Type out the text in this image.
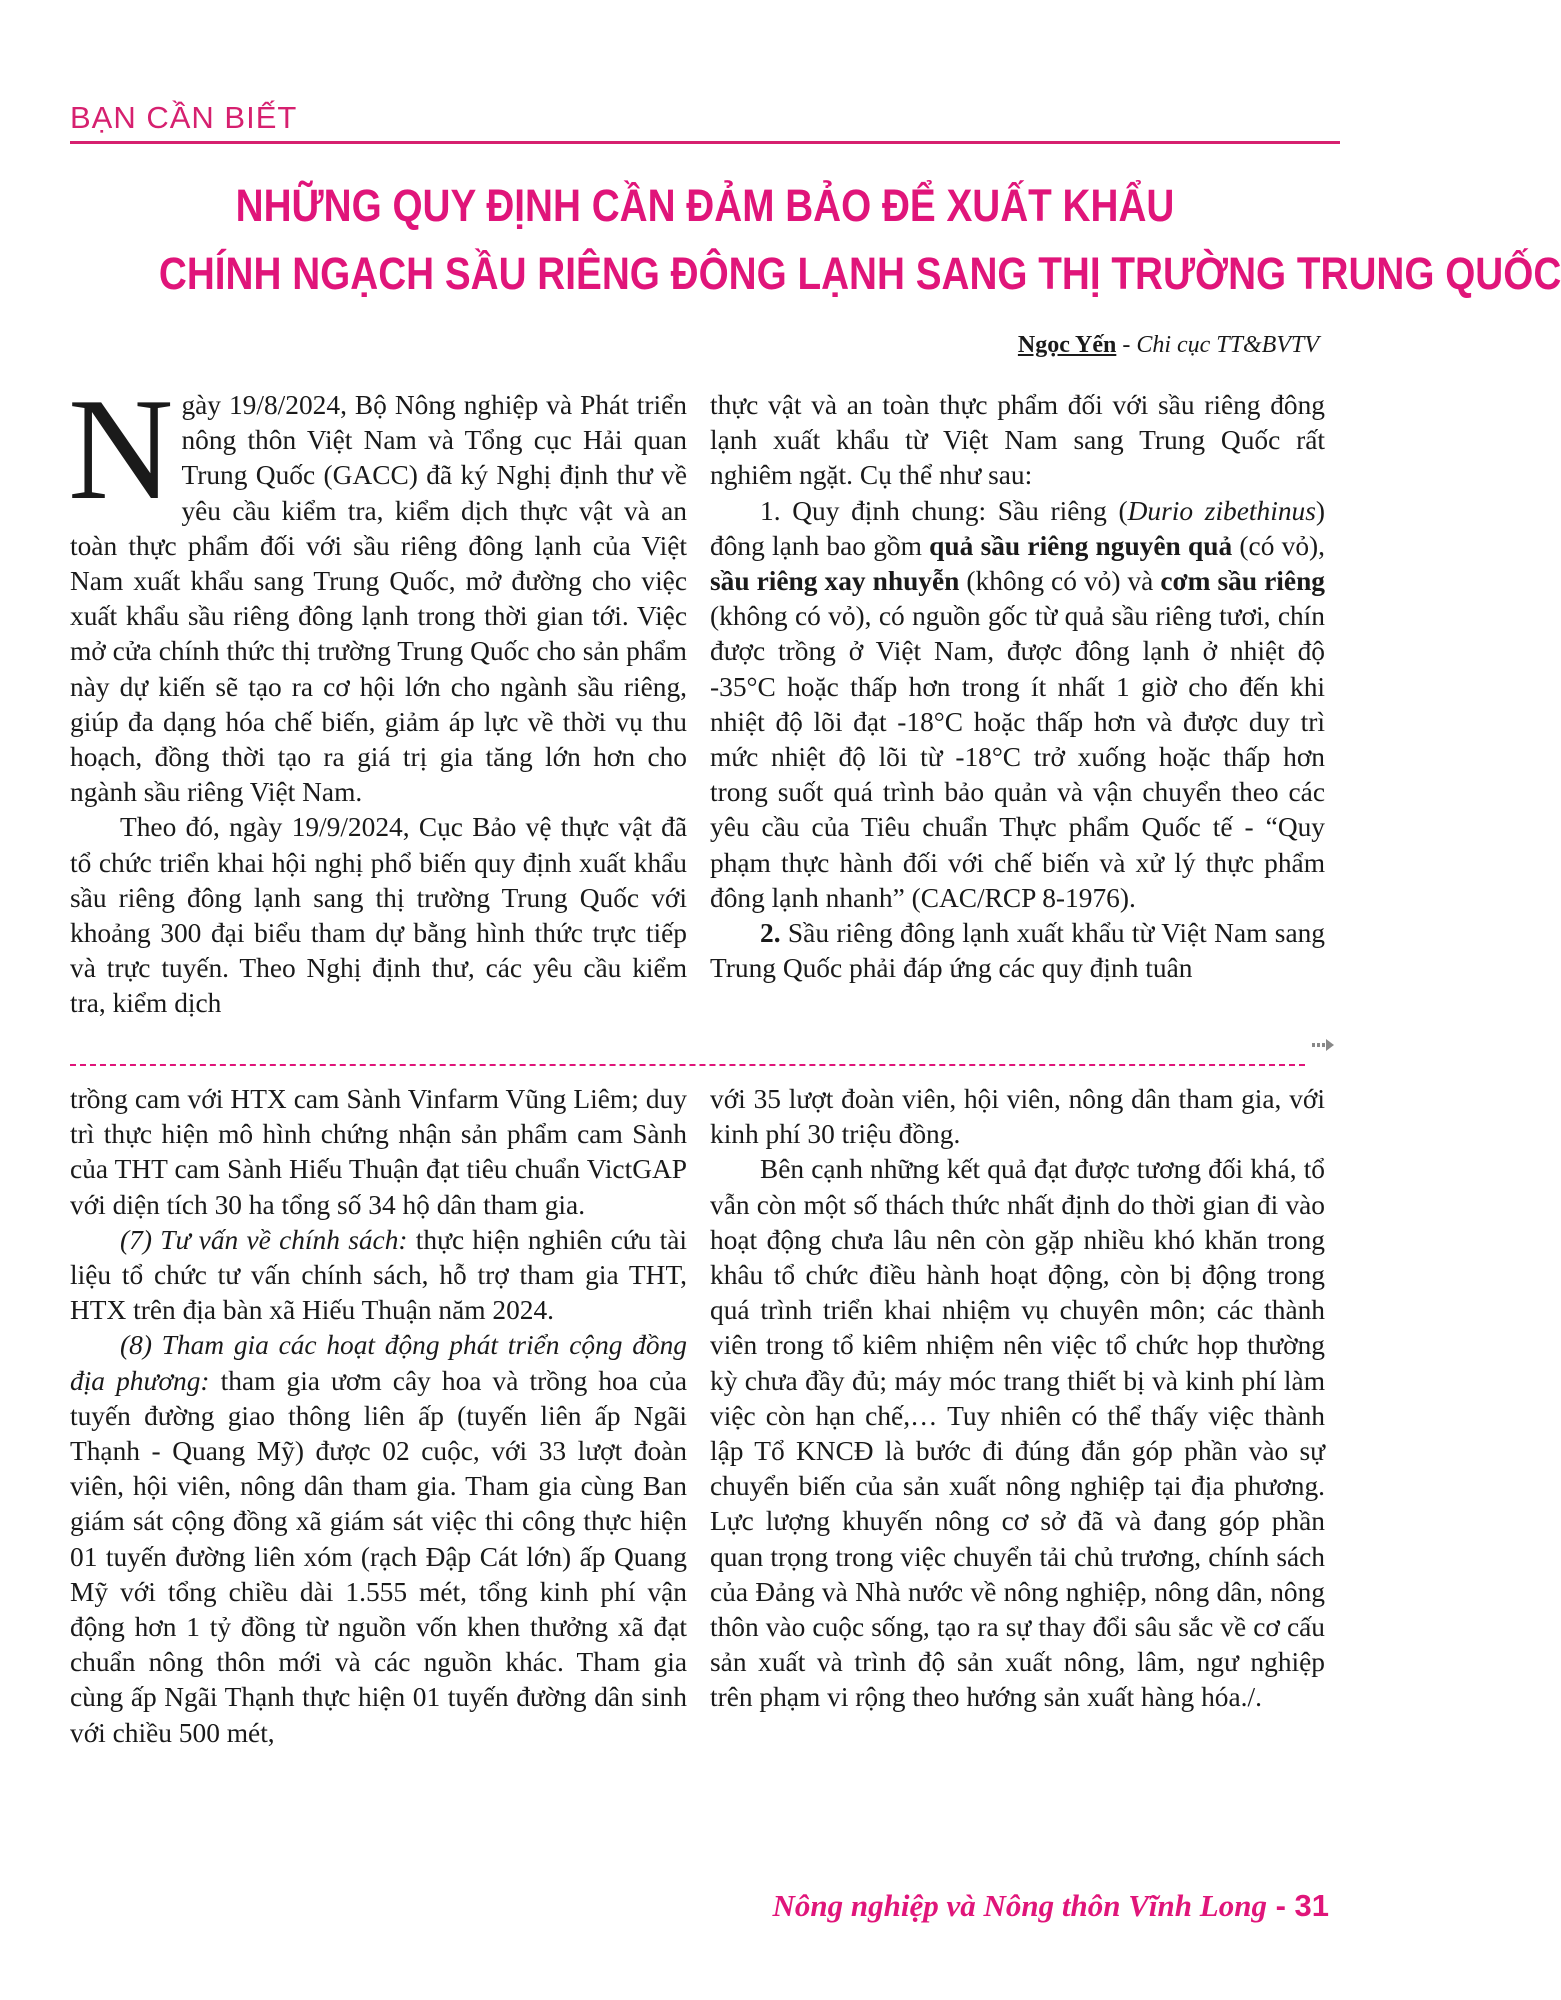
BẠN CẦN BIẾT
NHỮNG QUY ĐỊNH CẦN ĐẢM BẢO ĐỂ XUẤT KHẨU
CHÍNH NGẠCH SẦU RIÊNG ĐÔNG LẠNH SANG THỊ TRƯỜNG TRUNG QUỐC
Ngọc Yến - Chi cục TT&BVTV

Ngày 19/8/2024, Bộ Nông nghiệp và Phát triển nông thôn Việt Nam và Tổng cục Hải quan Trung Quốc (GACC) đã ký Nghị định thư về yêu cầu kiểm tra, kiểm dịch thực vật và an toàn thực phẩm đối với sầu riêng đông lạnh của Việt Nam xuất khẩu sang Trung Quốc, mở đường cho việc xuất khẩu sầu riêng đông lạnh trong thời gian tới. Việc mở cửa chính thức thị trường Trung Quốc cho sản phẩm này dự kiến sẽ tạo ra cơ hội lớn cho ngành sầu riêng, giúp đa dạng hóa chế biến, giảm áp lực về thời vụ thu hoạch, đồng thời tạo ra giá trị gia tăng lớn hơn cho ngành sầu riêng Việt Nam.

Theo đó, ngày 19/9/2024, Cục Bảo vệ thực vật đã tổ chức triển khai hội nghị phổ biến quy định xuất khẩu sầu riêng đông lạnh sang thị trường Trung Quốc với khoảng 300 đại biểu tham dự bằng hình thức trực tiếp và trực tuyến. Theo Nghị định thư, các yêu cầu kiểm tra, kiểm dịch

thực vật và an toàn thực phẩm đối với sầu riêng đông lạnh xuất khẩu từ Việt Nam sang Trung Quốc rất nghiêm ngặt. Cụ thể như sau:

1. Quy định chung: Sầu riêng (Durio zibethinus) đông lạnh bao gồm quả sầu riêng nguyên quả (có vỏ), sầu riêng xay nhuyễn (không có vỏ) và cơm sầu riêng (không có vỏ), có nguồn gốc từ quả sầu riêng tươi, chín được trồng ở Việt Nam, được đông lạnh ở nhiệt độ -35°C hoặc thấp hơn trong ít nhất 1 giờ cho đến khi nhiệt độ lõi đạt -18°C hoặc thấp hơn và được duy trì mức nhiệt độ lõi từ -18°C trở xuống hoặc thấp hơn trong suốt quá trình bảo quản và vận chuyển theo các yêu cầu của Tiêu chuẩn Thực phẩm Quốc tế - “Quy phạm thực hành đối với chế biến và xử lý thực phẩm đông lạnh nhanh” (CAC/RCP 8-1976).

2. Sầu riêng đông lạnh xuất khẩu từ Việt Nam sang Trung Quốc phải đáp ứng các quy định tuân

trồng cam với HTX cam Sành Vinfarm Vũng Liêm; duy trì thực hiện mô hình chứng nhận sản phẩm cam Sành của THT cam Sành Hiếu Thuận đạt tiêu chuẩn VictGAP với diện tích 30 ha tổng số 34 hộ dân tham gia.

(7) Tư vấn về chính sách: thực hiện nghiên cứu tài liệu tổ chức tư vấn chính sách, hỗ trợ tham gia THT, HTX trên địa bàn xã Hiếu Thuận năm 2024.

(8) Tham gia các hoạt động phát triển cộng đồng địa phương: tham gia ươm cây hoa và trồng hoa của tuyến đường giao thông liên ấp (tuyến liên ấp Ngãi Thạnh - Quang Mỹ) được 02 cuộc, với 33 lượt đoàn viên, hội viên, nông dân tham gia. Tham gia cùng Ban giám sát cộng đồng xã giám sát việc thi công thực hiện 01 tuyến đường liên xóm (rạch Đập Cát lớn) ấp Quang Mỹ với tổng chiều dài 1.555 mét, tổng kinh phí vận động hơn 1 tỷ đồng từ nguồn vốn khen thưởng xã đạt chuẩn nông thôn mới và các nguồn khác. Tham gia cùng ấp Ngãi Thạnh thực hiện 01 tuyến đường dân sinh với chiều 500 mét,

với 35 lượt đoàn viên, hội viên, nông dân tham gia, với kinh phí 30 triệu đồng.

Bên cạnh những kết quả đạt được tương đối khá, tổ vẫn còn một số thách thức nhất định do thời gian đi vào hoạt động chưa lâu nên còn gặp nhiều khó khăn trong khâu tổ chức điều hành hoạt động, còn bị động trong quá trình triển khai nhiệm vụ chuyên môn; các thành viên trong tổ kiêm nhiệm nên việc tổ chức họp thường kỳ chưa đầy đủ; máy móc trang thiết bị và kinh phí làm việc còn hạn chế,… Tuy nhiên có thể thấy việc thành lập Tổ KNCĐ là bước đi đúng đắn góp phần vào sự chuyển biến của sản xuất nông nghiệp tại địa phương. Lực lượng khuyến nông cơ sở đã và đang góp phần quan trọng trong việc chuyển tải chủ trương, chính sách của Đảng và Nhà nước về nông nghiệp, nông dân, nông thôn vào cuộc sống, tạo ra sự thay đổi sâu sắc về cơ cấu sản xuất và trình độ sản xuất nông, lâm, ngư nghiệp trên phạm vi rộng theo hướng sản xuất hàng hóa./.

Nông nghiệp và Nông thôn Vĩnh Long - 31
